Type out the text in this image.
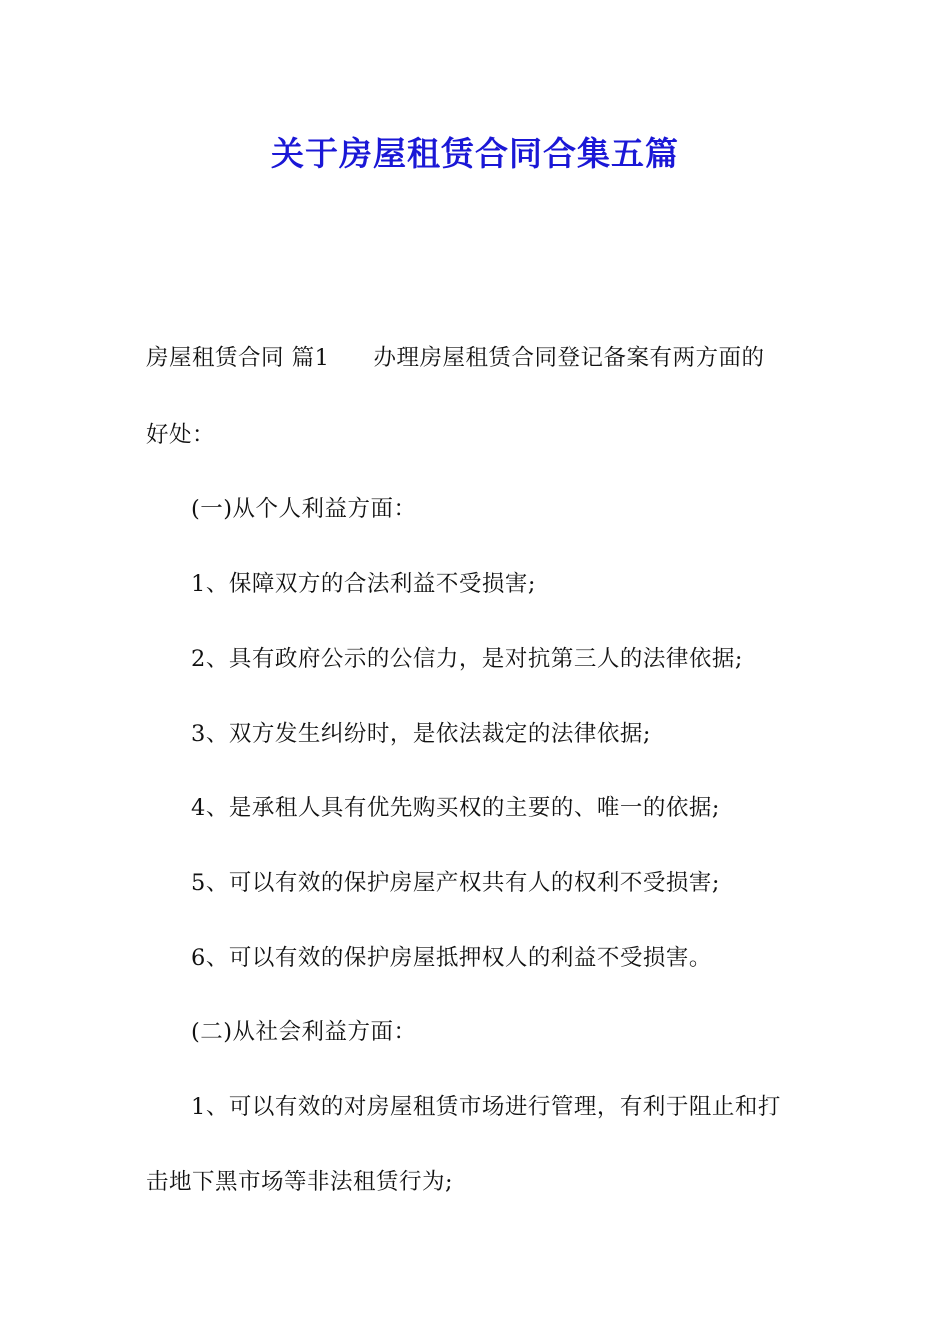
关于房屋租赁合同合集五篇

房屋租赁合同 篇1 办理房屋租赁合同登记备案有两方面的

好处：

(一)从个人利益方面：

1、保障双方的合法利益不受损害;

2、具有政府公示的公信力，是对抗第三人的法律依据;

3、双方发生纠纷时，是依法裁定的法律依据;

4、是承租人具有优先购买权的主要的、唯一的依据;

5、可以有效的保护房屋产权共有人的权利不受损害;

6、可以有效的保护房屋抵押权人的利益不受损害。

(二)从社会利益方面：

1、可以有效的对房屋租赁市场进行管理，有利于阻止和打

击地下黑市场等非法租赁行为;
